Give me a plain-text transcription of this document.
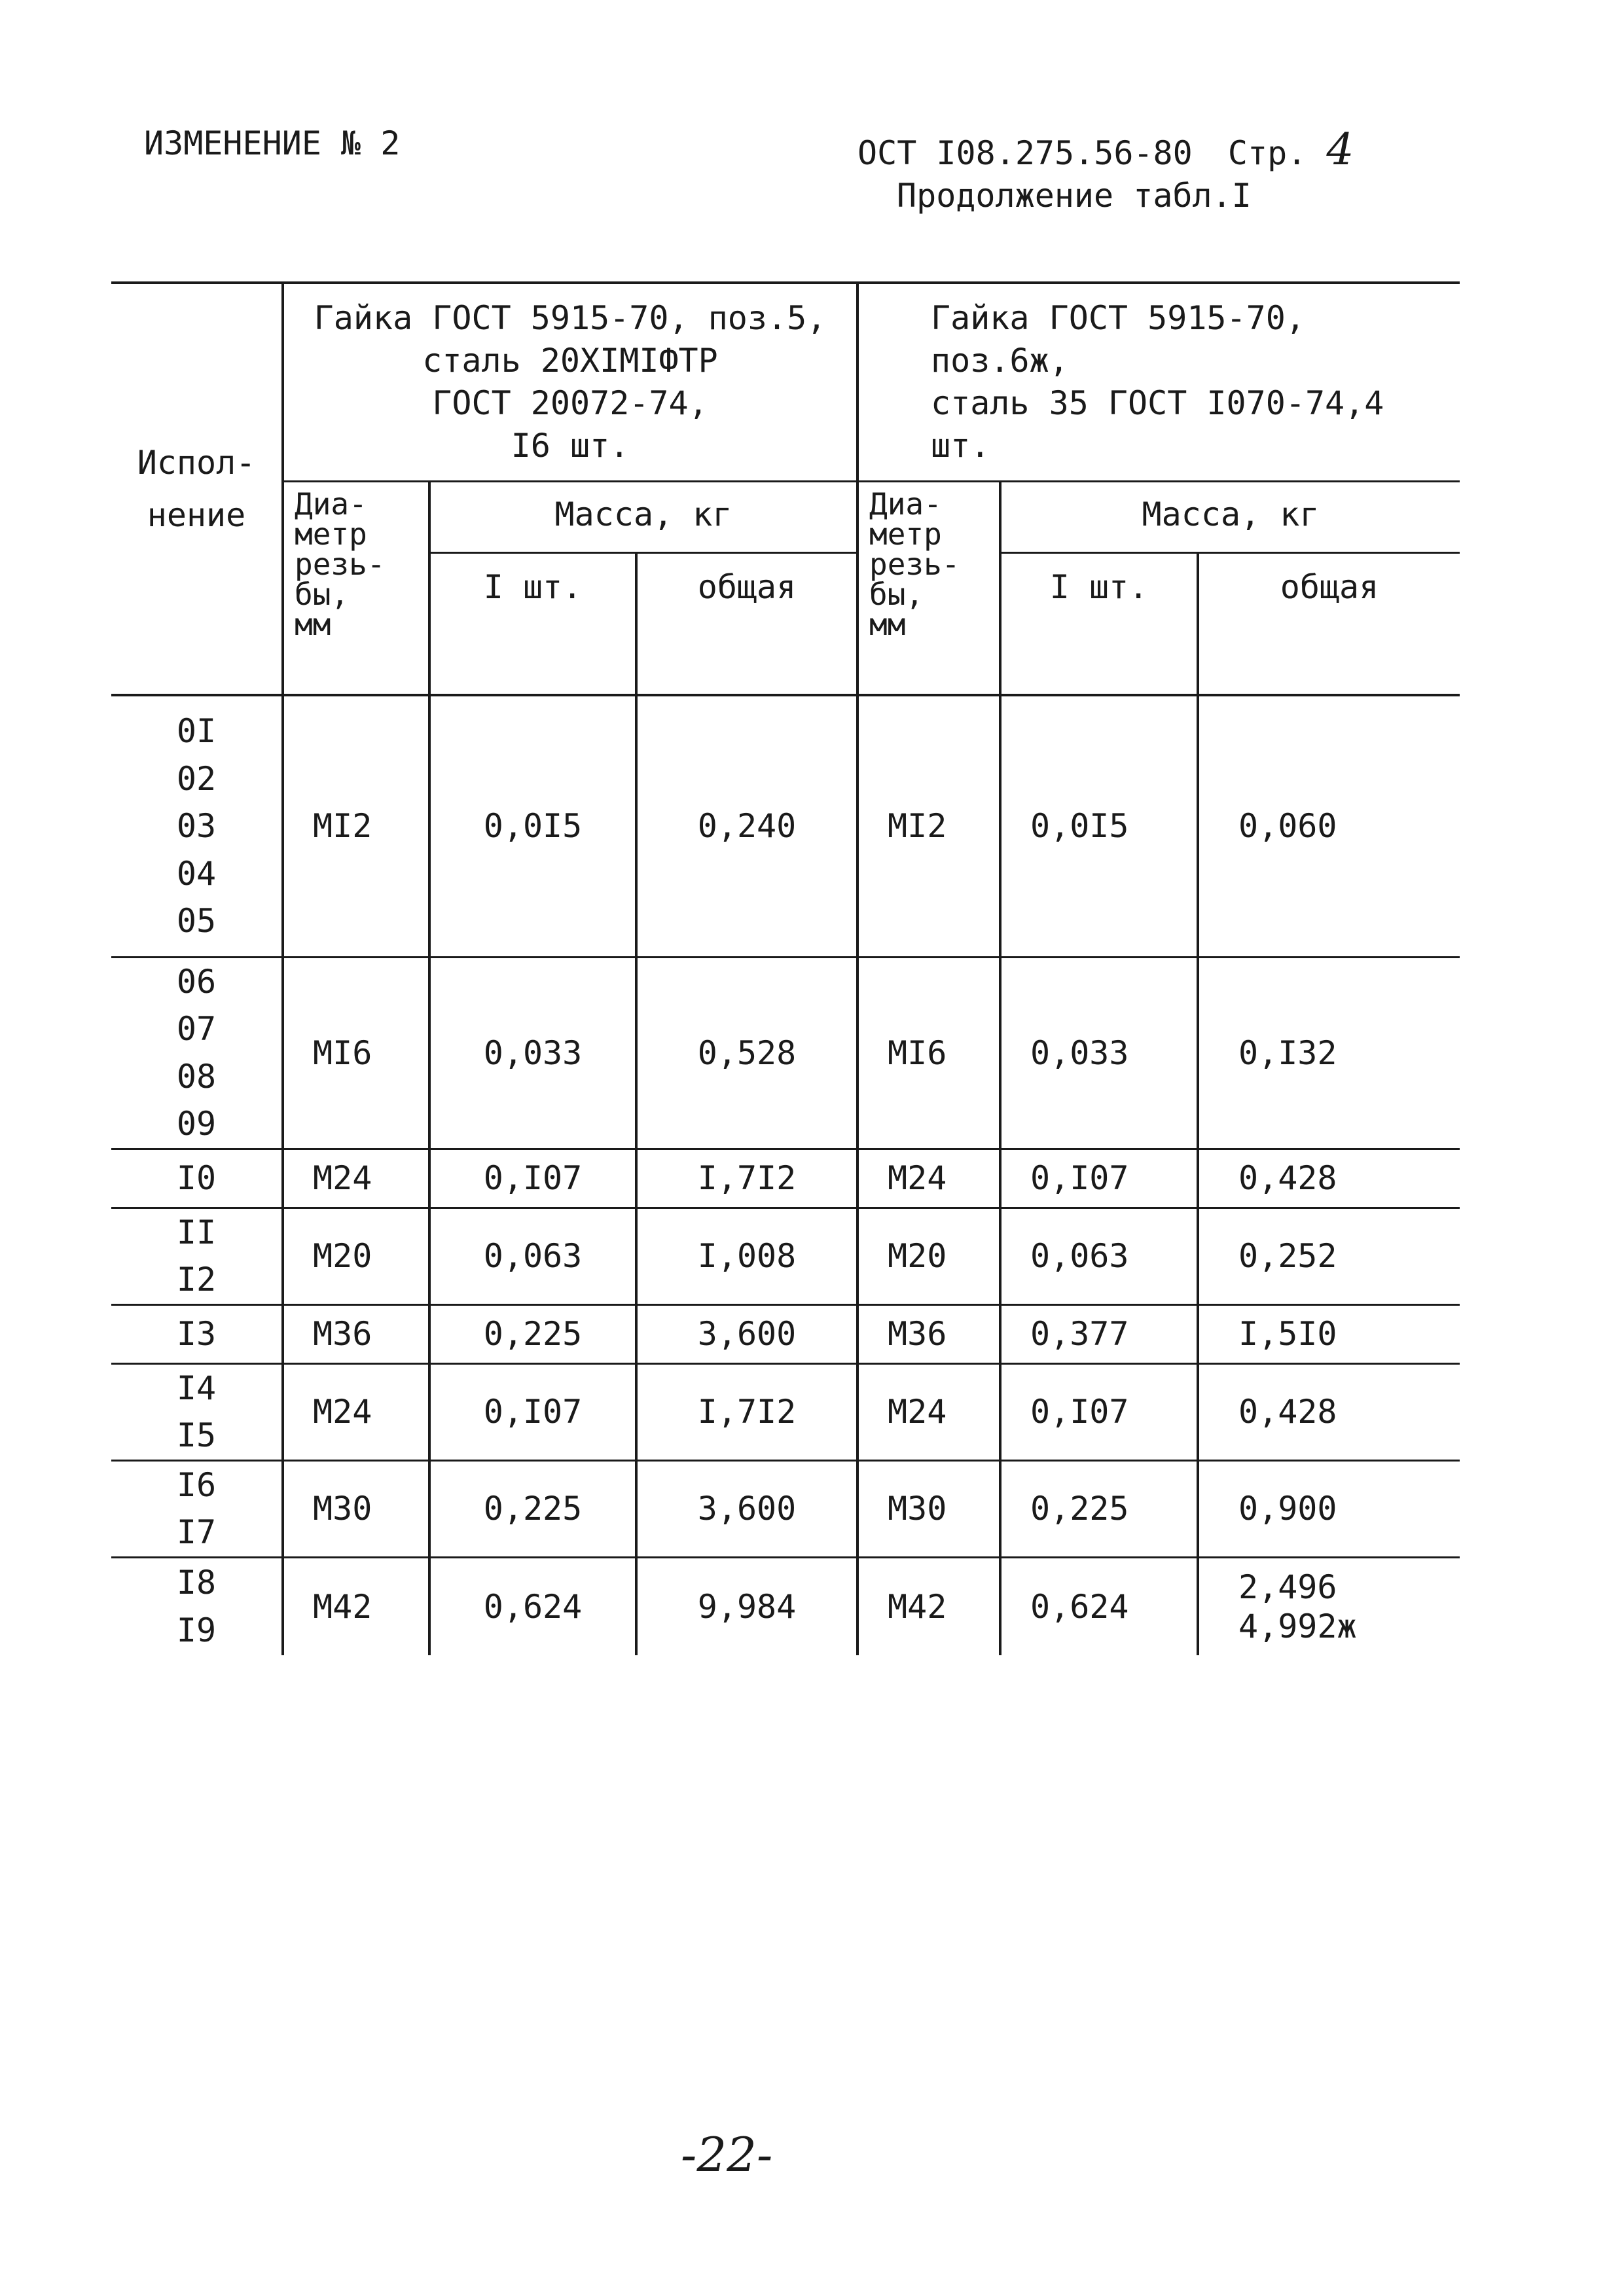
ИЗМЕНЕНИЕ № 2	ОСТ I08.275.56-80 Стр. 4
Продолжение табл.I
Испол-
нение	Гайка ГОСТ 5915-70, поз.5,
сталь 20ХIМIФТР
ГОСТ 20072-74,
I6 шт.			Гайка ГОСТ 5915-70, поз.6ж,
сталь 35 ГОСТ I070-74,4 шт.		
	Диа-
метр
резь-
бы,
мм	Масса, кг		Диа-
метр
резь-
бы,
мм	Масса, кг	
		I шт.	общая		I шт.	общая

0I
02
03
04
05	MI2	0,0I5	0,240	MI2	0,0I5	0,060

06
07
08
09	MI6	0,033	0,528	MI6	0,033	0,I32

I0	M24	0,I07	I,7I2	M24	0,I07	0,428

II
I2	M20	0,063	I,008	M20	0,063	0,252

I3	M36	0,225	3,600	M36	0,377	I,5I0

I4
I5	M24	0,I07	I,7I2	M24	0,I07	0,428

I6
I7	M30	0,225	3,600	M30	0,225	0,900

I8
I9	M42	0,624	9,984	M42	0,624	2,496
4,992ж
-22-
